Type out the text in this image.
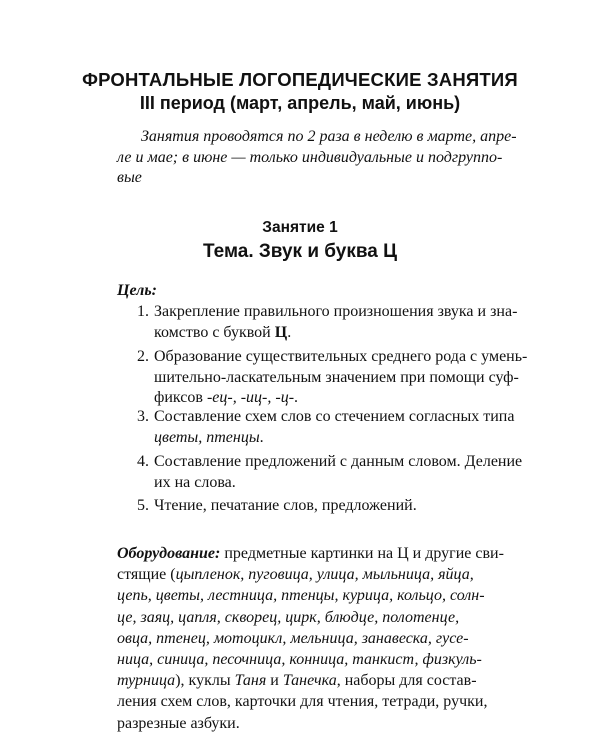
ФРОНТАЛЬНЫЕ ЛОГОПЕДИЧЕСКИЕ ЗАНЯТИЯ
III период (март, апрель, май, июнь)
Занятия проводятся по 2 раза в неделю в марте, апре-
ле и мае; в июне — только индивидуальные и подгруппо-
вые
Занятие 1
Тема. Звук и буква Ц
Цель:
1. Закрепление правильного произношения звука и зна-
комство с буквой Ц.
2. Образование существительных среднего рода с умень-
шительно-ласкательным значением при помощи суф-
фиксов -ец-, -иц-, -ц-.
3. Составление схем слов со стечением согласных типа
цветы, птенцы.
4. Составление предложений с данным словом. Деление
их на слова.
5. Чтение, печатание слов, предложений.
Оборудование: предметные картинки на Ц и другие сви-
стящие (цыпленок, пуговица, улица, мыльница, яйца,
цепь, цветы, лестница, птенцы, курица, кольцо, солн-
це, заяц, цапля, скворец, цирк, блюдце, полотенце,
овца, птенец, мотоцикл, мельница, занавеска, гусе-
ница, синица, песочница, конница, танкист, физкуль-
турница), куклы Таня и Танечка, наборы для состав-
ления схем слов, карточки для чтения, тетради, ручки,
разрезные азбуки.
